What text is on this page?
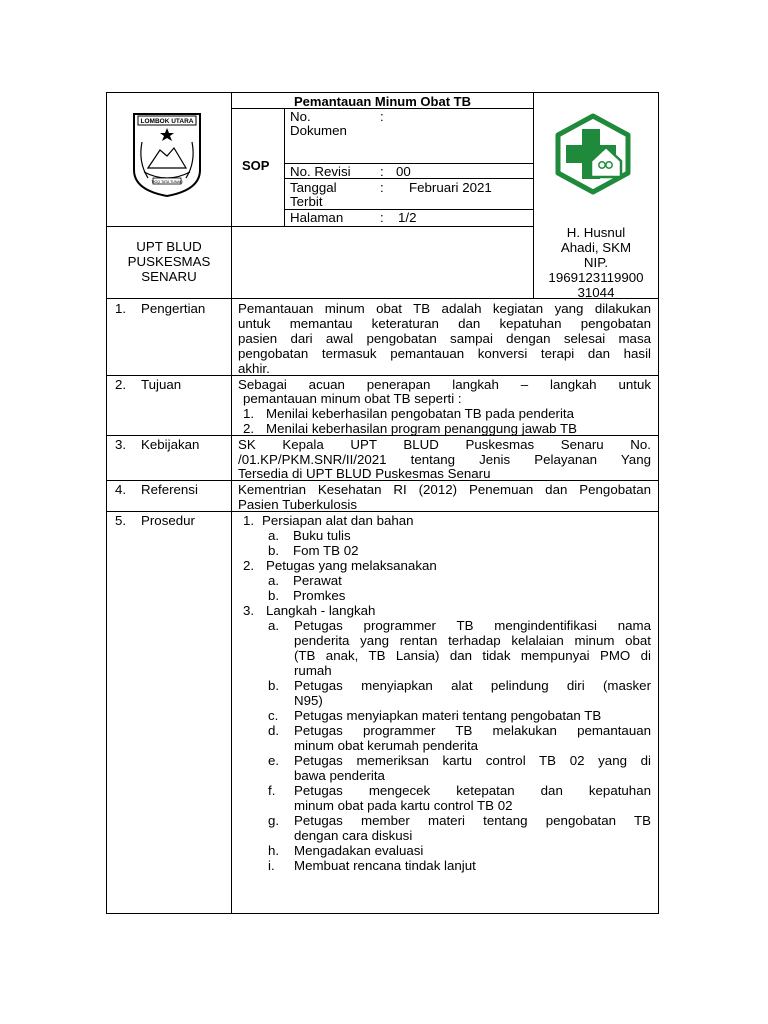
LOMBOK UTARA
TIOQ TATA TUNAQ
Pemantauan Minum Obat TB
SOP
No.	:
Dokumen
No. Revisi : 00
Tanggal	: Februari 2021
Terbit
Halaman	: 1/2
UPT BLUD
PUSKESMAS
SENARU
H. Husnul
Ahadi, SKM
NIP.
1969123119900
31044
1. Pengertian Pemantauan minum obat TB adalah kegiatan yang dilakukan
untuk memantau keteraturan dan kepatuhan pengobatan
pasien dari awal pengobatan sampai dengan selesai masa
pengobatan termasuk pemantauan konversi terapi dan hasil
akhir.
2. Tujuan	Sebagai acuan penerapan langkah – langkah untuk
pemantauan minum obat TB seperti :
1. Menilai keberhasilan pengobatan TB pada penderita
2. Menilai keberhasilan program penanggung jawab TB
3. Kebijakan	SK Kepala UPT BLUD Puskesmas Senaru No.
/01.KP/PKM.SNR/II/2021 tentang Jenis Pelayanan Yang
Tersedia di UPT BLUD Puskesmas Senaru
4. Referensi	Kementrian Kesehatan RI (2012) Penemuan dan Pengobatan
Pasien Tuberkulosis
5. Prosedur	1. Persiapan alat dan bahan
a. Buku tulis
b. Fom TB 02
2. Petugas yang melaksanakan
a. Perawat
b. Promkes
3. Langkah - langkah
a. Petugas programmer TB mengindentifikasi nama
penderita yang rentan terhadap kelalaian minum obat
(TB anak, TB Lansia) dan tidak mempunyai PMO di
rumah
b. Petugas menyiapkan alat pelindung diri (masker
N95)
c. Petugas menyiapkan materi tentang pengobatan TB
d. Petugas programmer TB melakukan pemantauan
minum obat kerumah penderita
e. Petugas memeriksan kartu control TB 02 yang di
bawa penderita
f. Petugas mengecek ketepatan dan kepatuhan
minum obat pada kartu control TB 02
g. Petugas member materi tentang pengobatan TB
dengan cara diskusi
h. Mengadakan evaluasi
i. Membuat rencana tindak lanjut
